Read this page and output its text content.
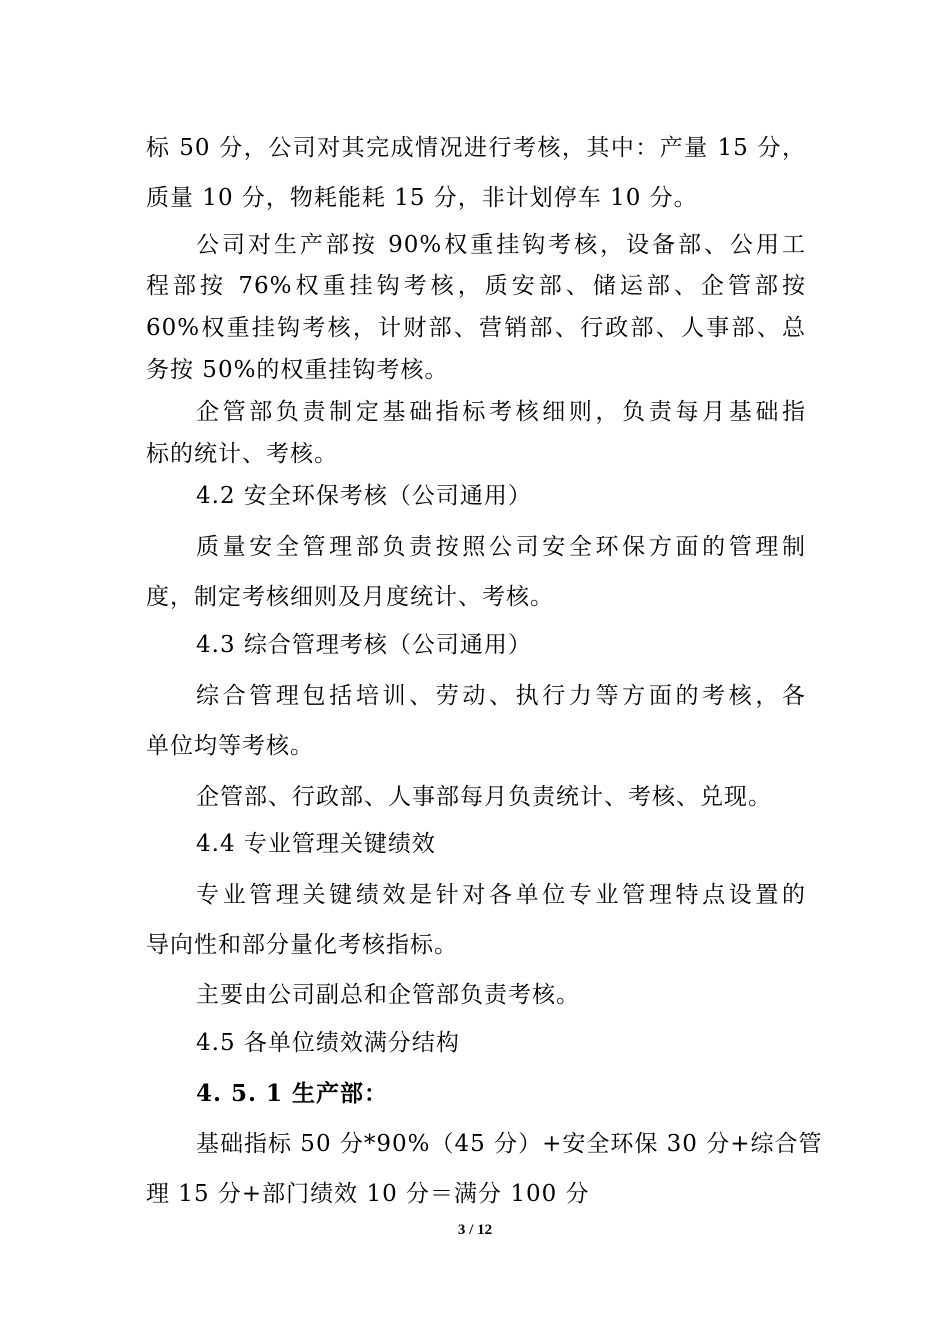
标 50 分，公司对其完成情况进行考核，其中：产量 15 分，
质量 10 分，物耗能耗 15 分，非计划停车 10 分。
公司对生产部按 90%权重挂钩考核，设备部、公用工
程部按 76%权重挂钩考核，质安部、储运部、企管部按
60%权重挂钩考核，计财部、营销部、行政部、人事部、总
务按 50%的权重挂钩考核。
企管部负责制定基础指标考核细则，负责每月基础指
标的统计、考核。
4.2 安全环保考核（公司通用）
质量安全管理部负责按照公司安全环保方面的管理制
度，制定考核细则及月度统计、考核。
4.3 综合管理考核（公司通用）
综合管理包括培训、劳动、执行力等方面的考核，各
单位均等考核。
企管部、行政部、人事部每月负责统计、考核、兑现。
4.4 专业管理关键绩效
专业管理关键绩效是针对各单位专业管理特点设置的
导向性和部分量化考核指标。
主要由公司副总和企管部负责考核。
4.5 各单位绩效满分结构
4. 5. 1 生产部：
基础指标 50 分*90%（45 分）+安全环保 30 分+综合管
理 15 分+部门绩效 10 分＝满分 100 分
3 / 12
